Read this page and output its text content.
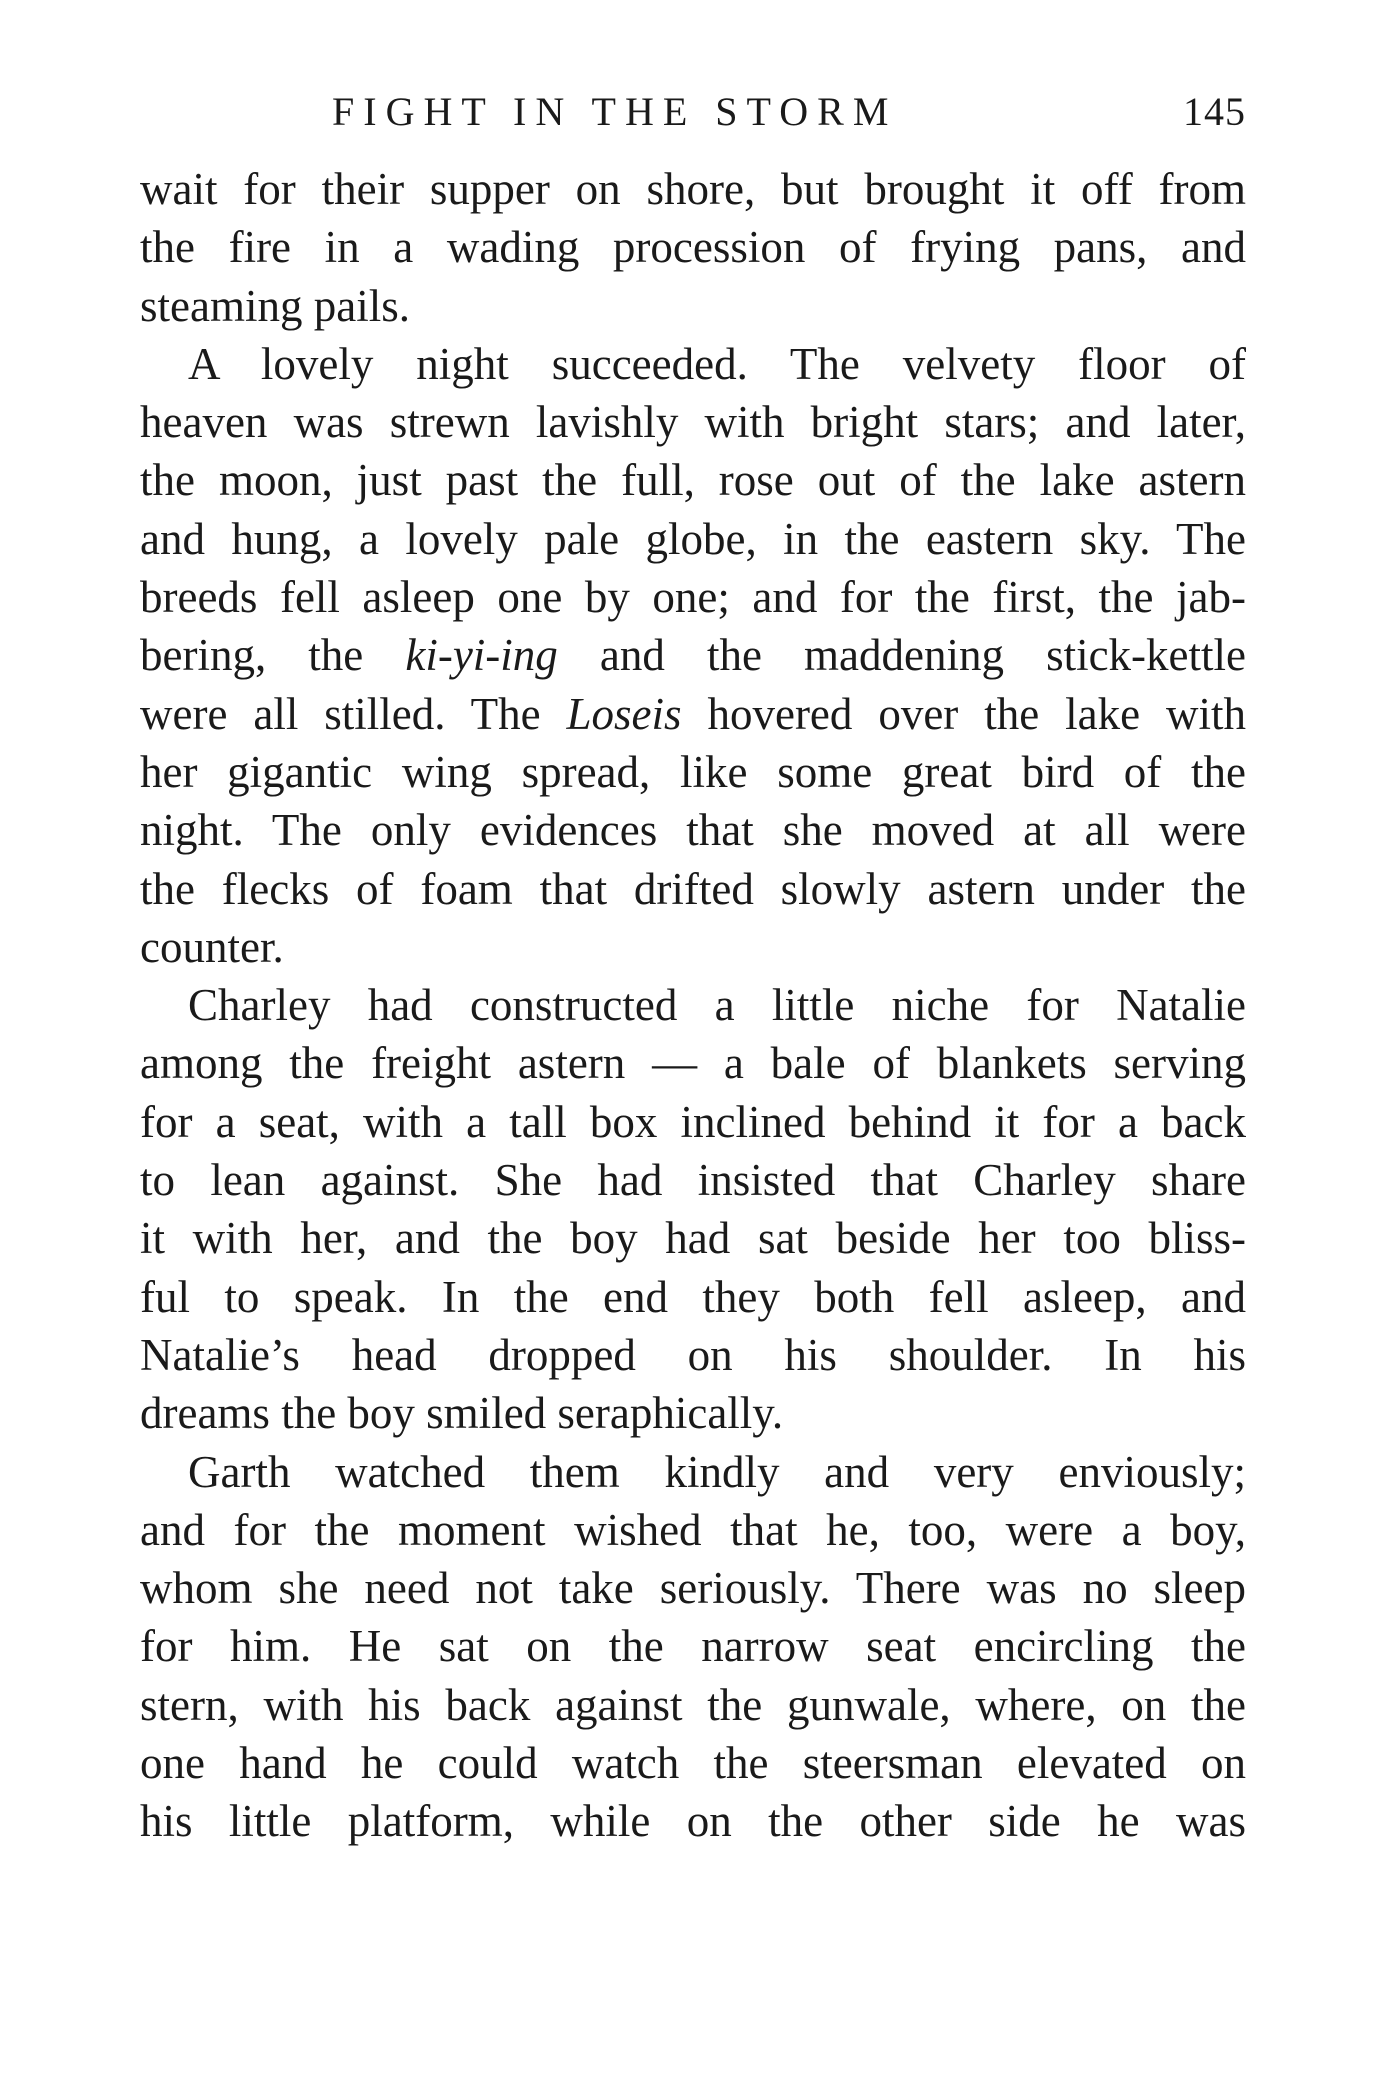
FIGHT IN THE STORM	145
wait for their supper on shore, but brought it off from
the fire in a wading procession of frying pans, and
steaming pails.
A lovely night succeeded. The velvety floor of
heaven was strewn lavishly with bright stars; and later,
the moon, just past the full, rose out of the lake astern
and hung, a lovely pale globe, in the eastern sky. The
breeds fell asleep one by one; and for the first, the jab-
bering, the ki-yi-ing and the maddening stick-kettle
were all stilled. The Loseis hovered over the lake with
her gigantic wing spread, like some great bird of the
night. The only evidences that she moved at all were
the flecks of foam that drifted slowly astern under the
counter.
Charley had constructed a little niche for Natalie
among the freight astern — a bale of blankets serving
for a seat, with a tall box inclined behind it for a back
to lean against. She had insisted that Charley share
it with her, and the boy had sat beside her too bliss-
ful to speak. In the end they both fell asleep, and
Natalie’s head dropped on his shoulder. In his
dreams the boy smiled seraphically.
Garth watched them kindly and very enviously;
and for the moment wished that he, too, were a boy,
whom she need not take seriously. There was no sleep
for him. He sat on the narrow seat encircling the
stern, with his back against the gunwale, where, on the
one hand he could watch the steersman elevated on
his little platform, while on the other side he was
